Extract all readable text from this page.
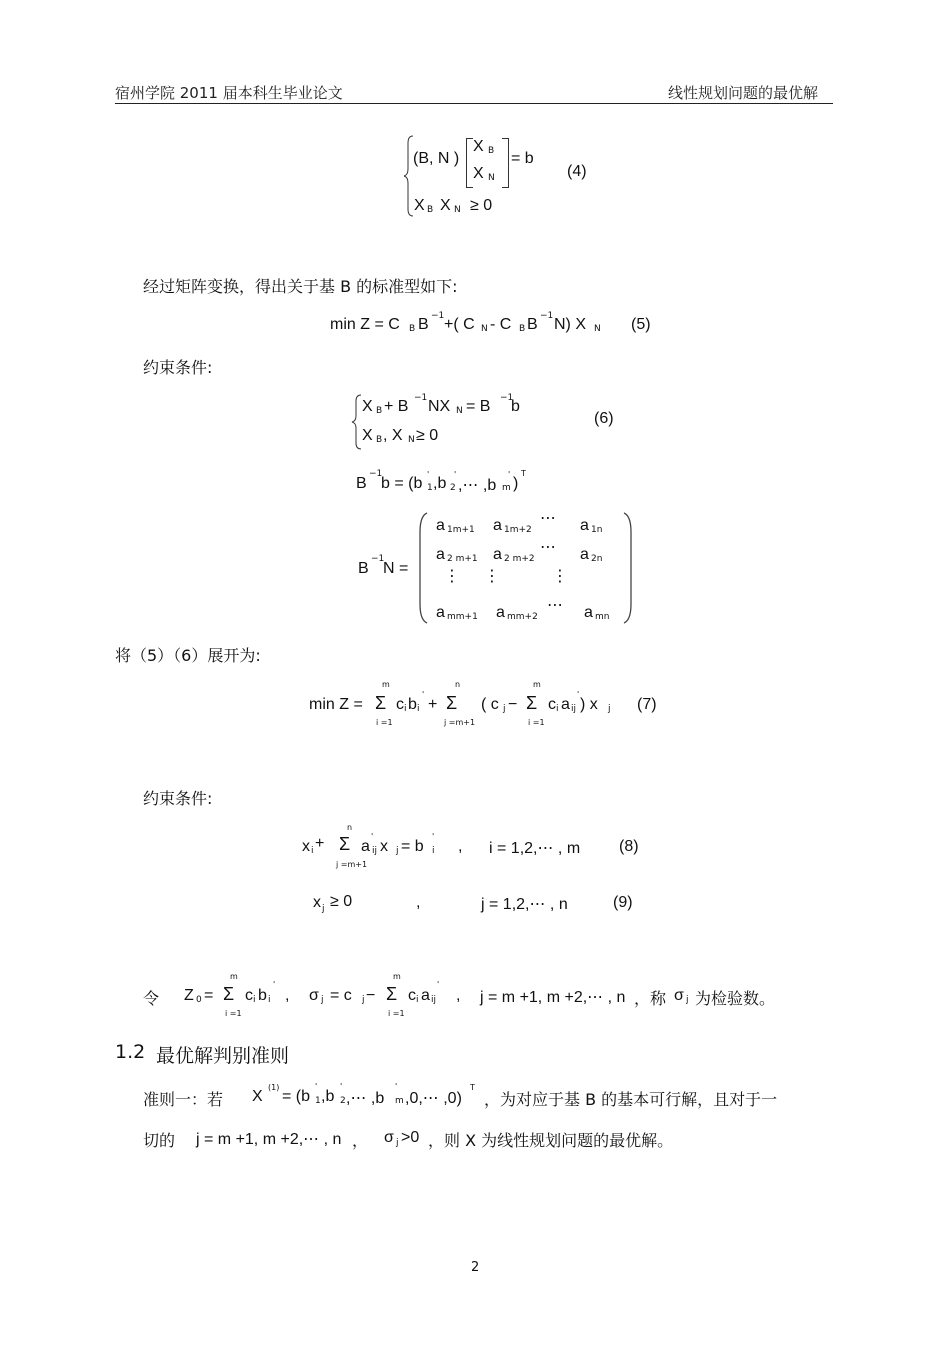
宿州学院 2011 届本科生毕业论文	线性规划问题的最优解
(B, N )
X B
X N
= b
X B X N ≥ 0
(4)
经过矩阵变换，得出关于基 B 的标准型如下:
min Z = C B B −1 +( C N - C B B −1 N) X N (5)
约束条件:
X B + B −1 NX N = B −1
b
X B , X N ≥ 0
(6)
B
−1
b = (b
'
1 ,b
'
2 ,⋯ ,b
'
m )
T
B
−1
N =
a 1m+1 a 1m+2
⋯ a 1n
a 2 m+1 a 2 m+2
⋯ a 2n
⋮ ⋮	⋮
a mm+1 a mm+2
⋯ a mn
将（5）（6）展开为:
min Z =
m
Σ
i =1
c i b i
'
+
n
Σ
j =m+1
( c j −
m
Σ
i =1
c i a ij
'
) x j (7)
约束条件:
x i +
n
Σ
j =m+1
a
'
ij x j = b
'
i , i = 1,2,⋯ , m (8)
x j ≥ 0	,	j = 1,2,⋯ , n	(9)
令 Z 0 =
m
Σ
i =1
c i b i
'
, σ j = c j −
m
Σ
i =1
c i a ij
'
, j = m +1, m +2,⋯ , n ，称 σ j 为检验数。
1.2 最优解判别准则
准则一：若 X
(1)
= (b
'
1 ,b
'
2 ,⋯ ,b
'
m ,0,⋯ ,0)
T
，为对应于基 B 的基本可行解，且对于一
切的 j = m +1, m +2,⋯ , n ， σ j >0 ，则 X 为线性规划问题的最优解。
2
